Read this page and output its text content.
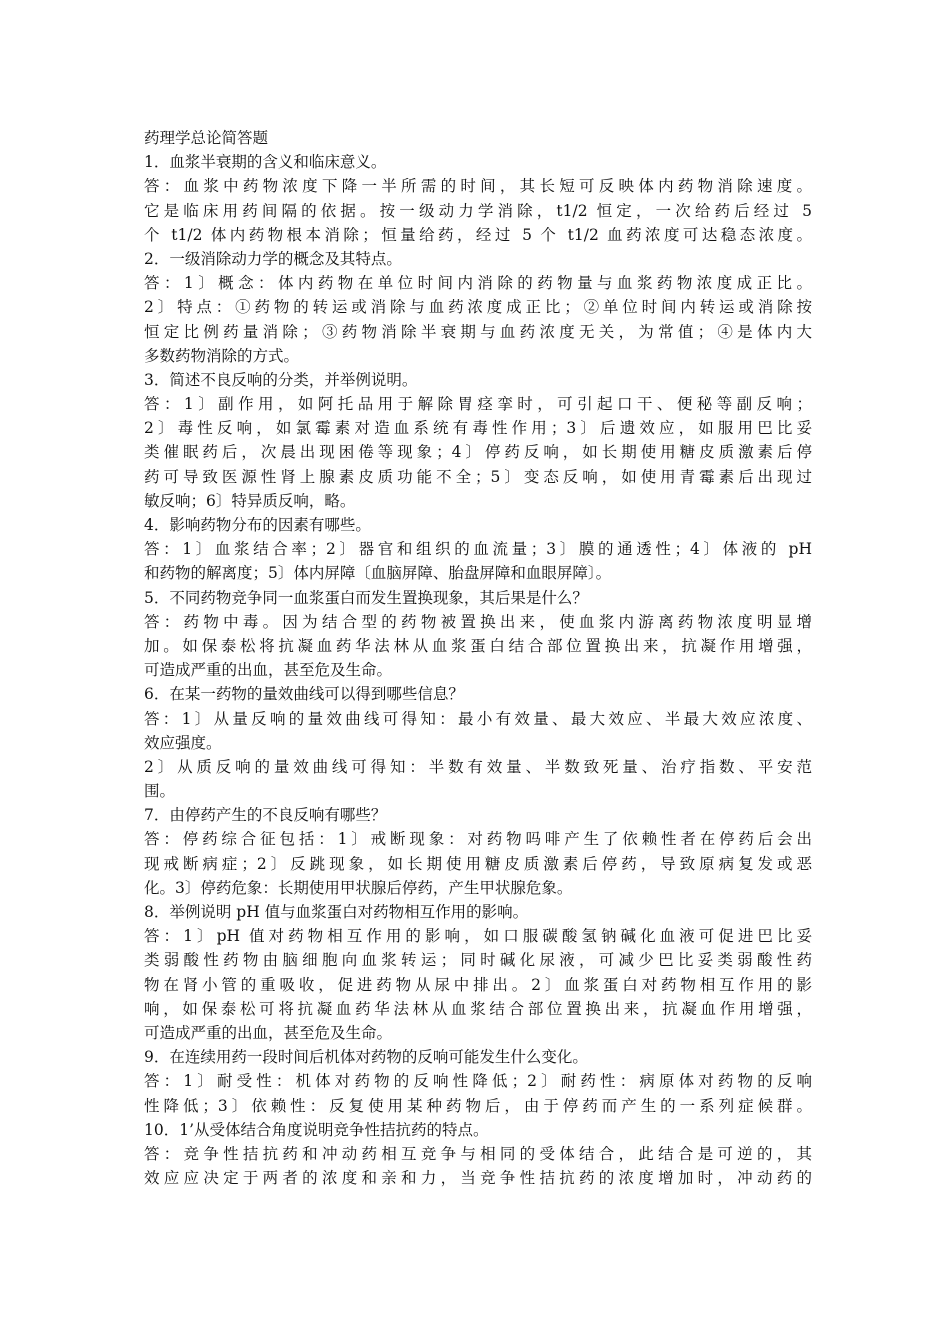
药理学总论简答题
1．血浆半衰期的含义和临床意义。
答：血浆中药物浓度下降一半所需的时间，其长短可反映体内药物消除速度。
它是临床用药间隔的依据。按一级动力学消除，t1/2 恒定，一次给药后经过 5
个 t1/2 体内药物根本消除；恒量给药，经过 5 个 t1/2 血药浓度可达稳态浓度。
2．一级消除动力学的概念及其特点。
答：1〕概念：体内药物在单位时间内消除的药物量与血浆药物浓度成正比。
2〕特点：①药物的转运或消除与血药浓度成正比；②单位时间内转运或消除按
恒定比例药量消除；③药物消除半衰期与血药浓度无关，为常值；④是体内大
多数药物消除的方式。
3．简述不良反响的分类，并举例说明。
答：1〕副作用，如阿托品用于解除胃痉挛时，可引起口干、便秘等副反响；
2〕毒性反响，如氯霉素对造血系统有毒性作用；3〕后遗效应，如服用巴比妥
类催眠药后，次晨出现困倦等现象；4〕停药反响，如长期使用糖皮质激素后停
药可导致医源性肾上腺素皮质功能不全；5〕变态反响，如使用青霉素后出现过
敏反响；6〕特异质反响，略。
4．影响药物分布的因素有哪些。
答：1〕血浆结合率；2〕器官和组织的血流量；3〕膜的通透性；4〕体液的 pH
和药物的解离度；5〕体内屏障〔血脑屏障、胎盘屏障和血眼屏障〕。
5．不同药物竞争同一血浆蛋白而发生置换现象，其后果是什么？
答：药物中毒。因为结合型的药物被置换出来，使血浆内游离药物浓度明显增
加。如保泰松将抗凝血药华法林从血浆蛋白结合部位置换出来，抗凝作用增强，
可造成严重的出血，甚至危及生命。
6．在某一药物的量效曲线可以得到哪些信息？
答：1〕从量反响的量效曲线可得知：最小有效量、最大效应、半最大效应浓度、
效应强度。
2〕从质反响的量效曲线可得知：半数有效量、半数致死量、治疗指数、平安范
围。
7．由停药产生的不良反响有哪些？
答：停药综合征包括：1〕戒断现象：对药物吗啡产生了依赖性者在停药后会出
现戒断病症；2〕反跳现象，如长期使用糖皮质激素后停药，导致原病复发或恶
化。3〕停药危象：长期使用甲状腺后停药，产生甲状腺危象。
8．举例说明 pH 值与血浆蛋白对药物相互作用的影响。
答：1〕pH 值对药物相互作用的影响，如口服碳酸氢钠碱化血液可促进巴比妥
类弱酸性药物由脑细胞向血浆转运；同时碱化尿液，可减少巴比妥类弱酸性药
物在肾小管的重吸收，促进药物从尿中排出。2〕血浆蛋白对药物相互作用的影
响，如保泰松可将抗凝血药华法林从血浆结合部位置换出来，抗凝血作用增强，
可造成严重的出血，甚至危及生命。
9．在连续用药一段时间后机体对药物的反响可能发生什么变化。
答：1〕耐受性：机体对药物的反响性降低；2〕耐药性：病原体对药物的反响
性降低；3〕依赖性：反复使用某种药物后，由于停药而产生的一系列症候群。
10．1’从受体结合角度说明竞争性拮抗药的特点。
答：竞争性拮抗药和冲动药相互竞争与相同的受体结合，此结合是可逆的，其
效应应决定于两者的浓度和亲和力，当竞争性拮抗药的浓度增加时，冲动药的
